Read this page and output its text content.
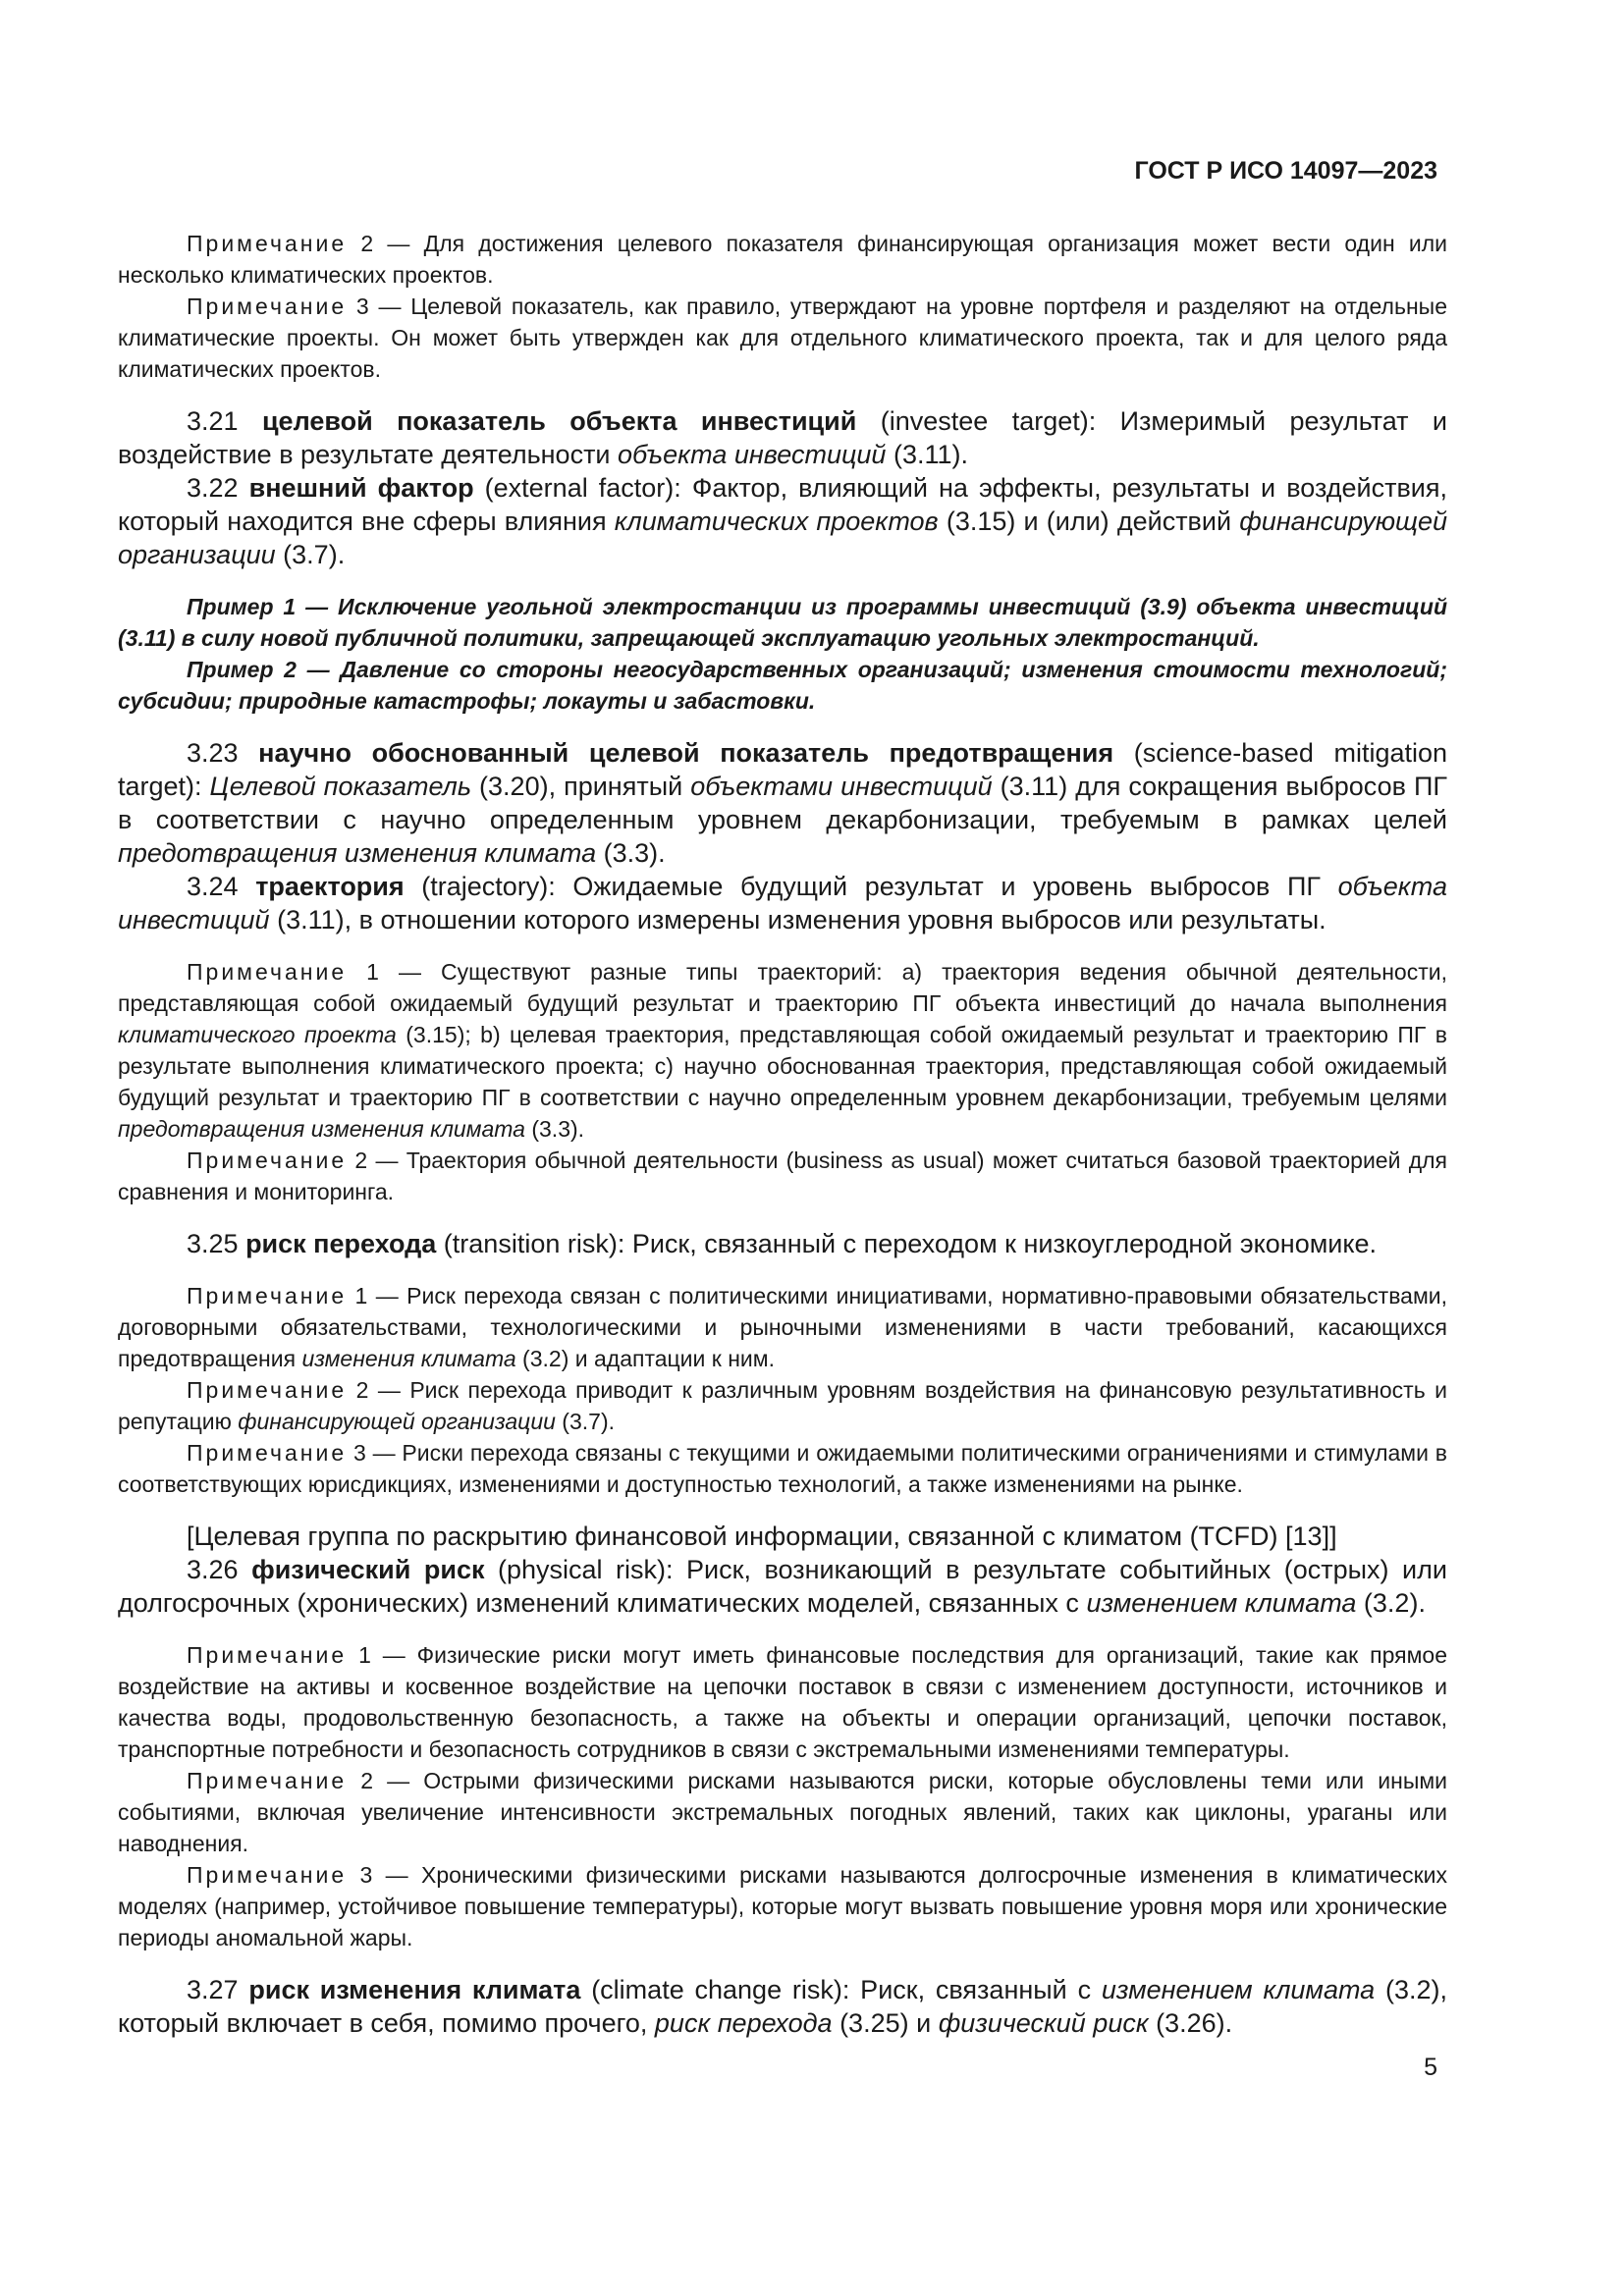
ГОСТ Р ИСО 14097—2023

Примечание 2 — Для достижения целевого показателя финансирующая организация может вести один или несколько климатических проектов.

Примечание 3 — Целевой показатель, как правило, утверждают на уровне портфеля и разделяют на отдельные климатические проекты. Он может быть утвержден как для отдельного климатического проекта, так и для целого ряда климатических проектов.

3.21 целевой показатель объекта инвестиций (investee target): Измеримый результат и воздействие в результате деятельности объекта инвестиций (3.11).

3.22 внешний фактор (external factor): Фактор, влияющий на эффекты, результаты и воздействия, который находится вне сферы влияния климатических проектов (3.15) и (или) действий финансирующей организации (3.7).

Пример 1 — Исключение угольной электростанции из программы инвестиций (3.9) объекта инвестиций (3.11) в силу новой публичной политики, запрещающей эксплуатацию угольных электростанций.

Пример 2 — Давление со стороны негосударственных организаций; изменения стоимости технологий; субсидии; природные катастрофы; локауты и забастовки.

3.23 научно обоснованный целевой показатель предотвращения (science-based mitigation target): Целевой показатель (3.20), принятый объектами инвестиций (3.11) для сокращения выбросов ПГ в соответствии с научно определенным уровнем декарбонизации, требуемым в рамках целей предотвращения изменения климата (3.3).

3.24 траектория (trajectory): Ожидаемые будущий результат и уровень выбросов ПГ объекта инвестиций (3.11), в отношении которого измерены изменения уровня выбросов или результаты.

Примечание 1 — Существуют разные типы траекторий: a) траектория ведения обычной деятельности, представляющая собой ожидаемый будущий результат и траекторию ПГ объекта инвестиций до начала выполнения климатического проекта (3.15); b) целевая траектория, представляющая собой ожидаемый результат и траекторию ПГ в результате выполнения климатического проекта; c) научно обоснованная траектория, представляющая собой ожидаемый будущий результат и траекторию ПГ в соответствии с научно определенным уровнем декарбонизации, требуемым целями предотвращения изменения климата (3.3).

Примечание 2 — Траектория обычной деятельности (business as usual) может считаться базовой траекторией для сравнения и мониторинга.

3.25 риск перехода (transition risk): Риск, связанный с переходом к низкоуглеродной экономике.

Примечание 1 — Риск перехода связан с политическими инициативами, нормативно-правовыми обязательствами, договорными обязательствами, технологическими и рыночными изменениями в части требований, касающихся предотвращения изменения климата (3.2) и адаптации к ним.

Примечание 2 — Риск перехода приводит к различным уровням воздействия на финансовую результативность и репутацию финансирующей организации (3.7).

Примечание 3 — Риски перехода связаны с текущими и ожидаемыми политическими ограничениями и стимулами в соответствующих юрисдикциях, изменениями и доступностью технологий, а также изменениями на рынке.

[Целевая группа по раскрытию финансовой информации, связанной с климатом (TCFD) [13]]

3.26 физический риск (physical risk): Риск, возникающий в результате событийных (острых) или долгосрочных (хронических) изменений климатических моделей, связанных с изменением климата (3.2).

Примечание 1 — Физические риски могут иметь финансовые последствия для организаций, такие как прямое воздействие на активы и косвенное воздействие на цепочки поставок в связи с изменением доступности, источников и качества воды, продовольственную безопасность, а также на объекты и операции организаций, цепочки поставок, транспортные потребности и безопасность сотрудников в связи с экстремальными изменениями температуры.

Примечание 2 — Острыми физическими рисками называются риски, которые обусловлены теми или иными событиями, включая увеличение интенсивности экстремальных погодных явлений, таких как циклоны, ураганы или наводнения.

Примечание 3 — Хроническими физическими рисками называются долгосрочные изменения в климатических моделях (например, устойчивое повышение температуры), которые могут вызвать повышение уровня моря или хронические периоды аномальной жары.

3.27 риск изменения климата (climate change risk): Риск, связанный с изменением климата (3.2), который включает в себя, помимо прочего, риск перехода (3.25) и физический риск (3.26).

5
